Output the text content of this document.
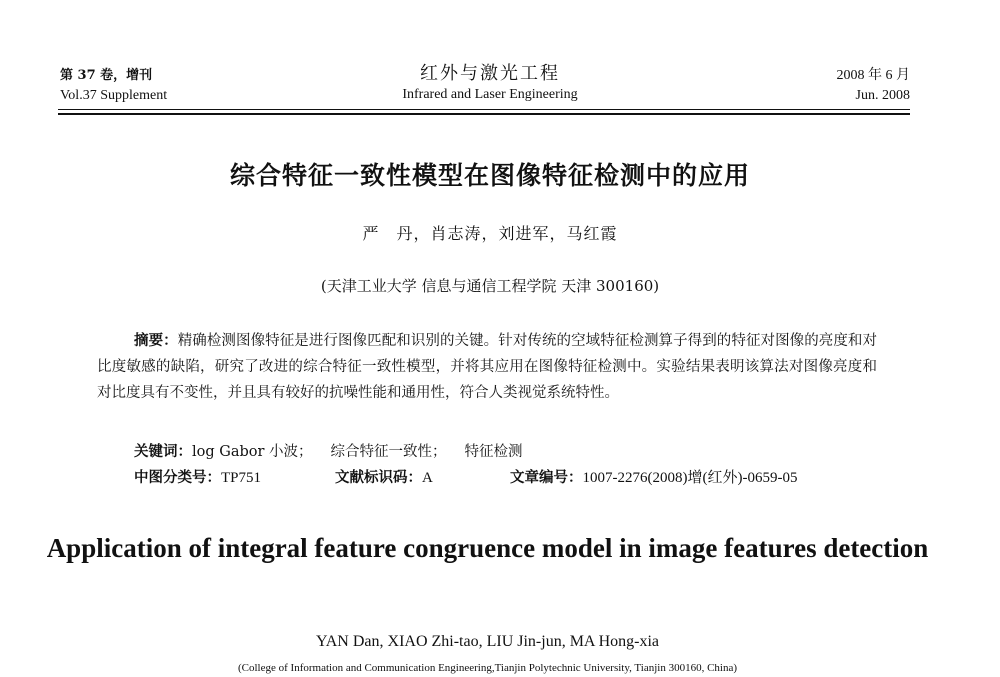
第 37 卷，增刊
Vol.37 Supplement
红外与激光工程
Infrared and Laser Engineering
2008 年 6 月
Jun. 2008
综合特征一致性模型在图像特征检测中的应用
严　丹，肖志涛，刘进军，马红霞
(天津工业大学 信息与通信工程学院 天津 300160)
摘要：精确检测图像特征是进行图像匹配和识别的关键。针对传统的空域特征检测算子得到的特征对图像的亮度和对比度敏感的缺陷，研究了改进的综合特征一致性模型，并将其应用在图像特征检测中。实验结果表明该算法对图像亮度和对比度具有不变性，并且具有较好的抗噪性能和通用性，符合人类视觉系统特性。
关键词：log Gabor 小波； 综合特征一致性； 特征检测
中图分类号：TP751	文献标识码：A	文章编号：1007-2276(2008)增(红外)-0659-05
Application of integral feature congruence model in image features detection
YAN Dan, XIAO Zhi-tao, LIU Jin-jun, MA Hong-xia
(College of Information and Communication Engineering,Tianjin Polytechnic University, Tianjin 300160, China)
